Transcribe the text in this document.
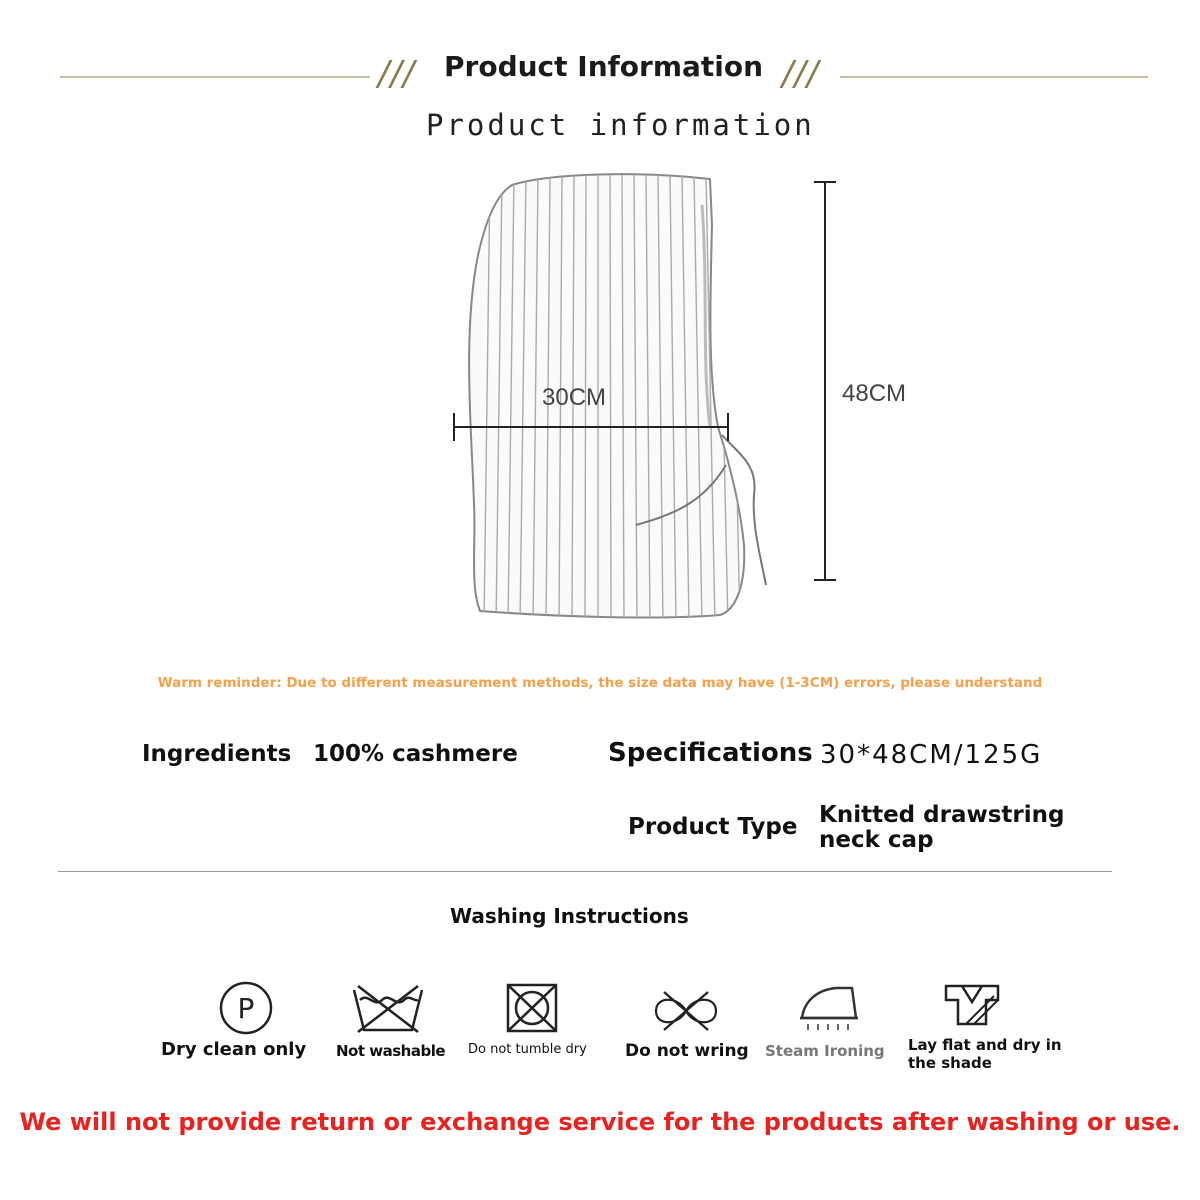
/// Product Information ///
Product information
30CM	48CM
Warm reminder: Due to different measurement methods, the size data may have (1-3CM) errors, please understand
Ingredients 100% cashmere	Specifications 30*48CM/125G
Product Type Knitted drawstring
neck cap
Washing Instructions
P
Dry clean only Not washable Do not tumble dry Do not wring Steam Ironing Lay flat and dry in
the shade
We will not provide return or exchange service for the products after washing or use.
